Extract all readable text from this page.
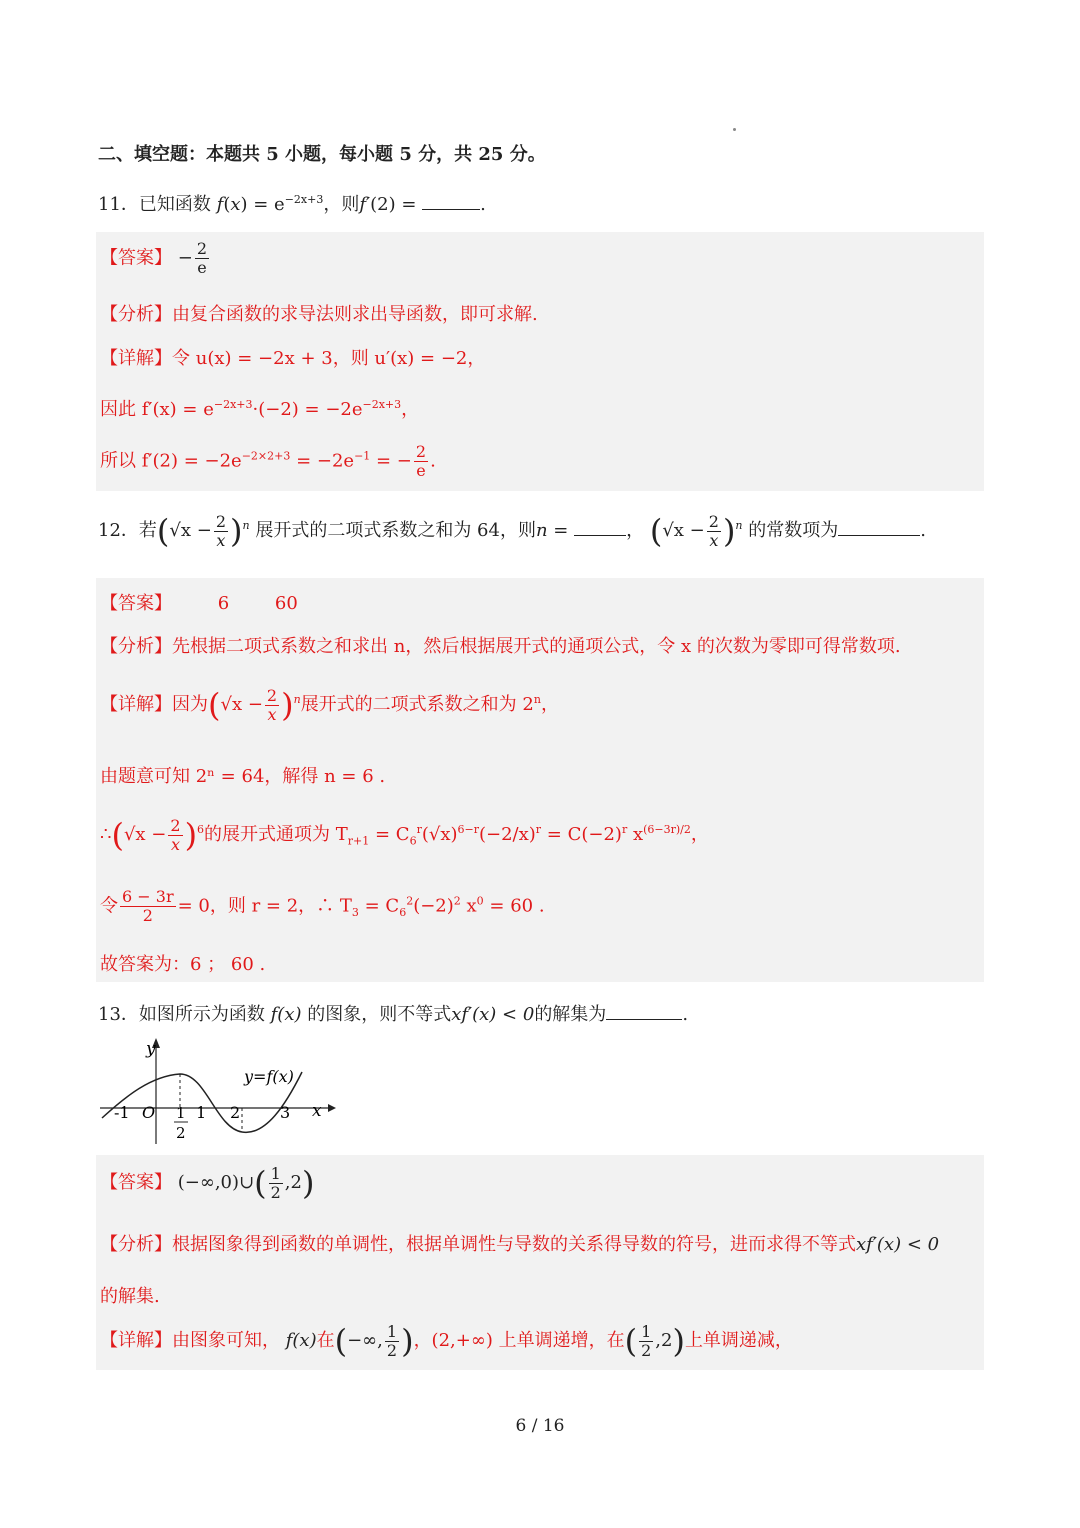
二、填空题：本题共 5 小题，每小题 5 分，共 25 分。
11．已知函数 $f(x) = e^{-2x+3}$，则f′(2) =	.
【答案】 − $\frac{2}{e}$
【分析】由复合函数的求导法则求出导函数，即可求解.
【详解】令 u(x) = −2x + 3，则 u′(x) = −2，
因此 $f'(x) = e^{-2x+3}\cdot(-2) = -2e^{-2x+3}$，
所以 $f'(2) = -2e^{-2\times 2+3} = -2e^{-1}$ = − $\frac{2}{e}$ .
12．若$(√x - \frac{2}{x} )^n$ 展开式的二项式系数之和为 64，则n =	， $(√x - \frac{2}{x} )^n$ 的常数项为	.
【答案】	6	60
【分析】先根据二项式系数之和求出 n，然后根据展开式的通项公式，令 x 的次数为零即可得常数项.
【详解】因为$(√x - \frac{2}{x} )^n$展开式的二项式系数之和为 2$^n$，
由题意可知 2ⁿ = 64，解得 n = 6 .
∴(√x − $\frac{2}{x} )^6$的展开式通项为 $T_{r+1} = C_6^r(√x)^{6-r}(-2/x)^r = C(-2)^r$ $x^{(6-3r)/2}$，
令 $\frac{6 - 3r}{2} = 0$，则 r = 2，∴ $T_3 = C_6^2(-2)^2$ $x^0 = 60$ .
故答案为：6 ； 60 .
13．如图所示为函数 f(x) 的图象，则不等式xf′(x) < 0的解集为	.
y
x
y=f(x)
-1 O 1
2
1 2 3
【答案】 (−∞,0)∪( $\frac{1}{2} ,2$)
【分析】根据图象得到函数的单调性，根据单调性与导数的关系得导数的符号，进而求得不等式xf′(x) < 0
的解集.
【详解】由图象可知， f(x)在(−∞, $\frac{1}{2}$ )，(2,+∞) 上单调递增，在( $\frac{1}{2} ,2$)上单调递减，
6 / 16
